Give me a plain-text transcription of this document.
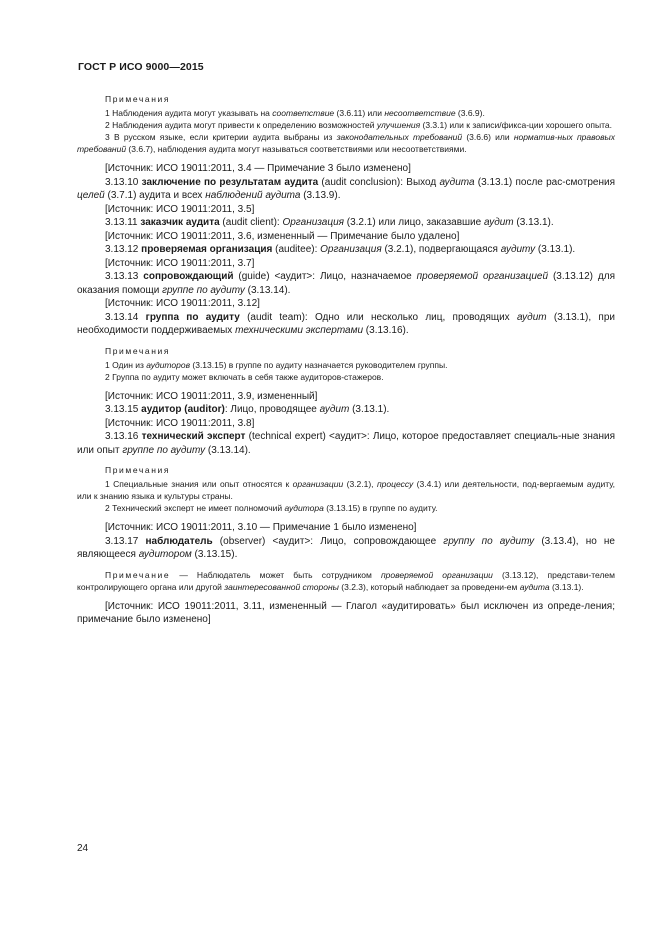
ГОСТ Р ИСО 9000—2015
Примечания

1 Наблюдения аудита могут указывать на соответствие (3.6.11) или несоответствие (3.6.9).

2 Наблюдения аудита могут привести к определению возможностей улучшения (3.3.1) или к записи/фикса-ции хорошего опыта.

3 В русском языке, если критерии аудита выбраны из законодательных требований (3.6.6) или норматив-ных правовых требований (3.6.7), наблюдения аудита могут называться соответствиями или несоответствиями.

[Источник: ИСО 19011:2011, 3.4 — Примечание 3 было изменено]

3.13.10 заключение по результатам аудита (audit conclusion): Выход аудита (3.13.1) после рас-смотрения целей (3.7.1) аудита и всех наблюдений аудита (3.13.9).

[Источник: ИСО 19011:2011, 3.5]

3.13.11 заказчик аудита (audit client): Организация (3.2.1) или лицо, заказавшие аудит (3.13.1).

[Источник: ИСО 19011:2011, 3.6, измененный — Примечание было удалено]

3.13.12 проверяемая организация (auditee): Организация (3.2.1), подвергающаяся аудиту (3.13.1).

[Источник: ИСО 19011:2011, 3.7]

3.13.13 сопровождающий (guide) <аудит>: Лицо, назначаемое проверяемой организацией (3.13.12) для оказания помощи группе по аудиту (3.13.14).

[Источник: ИСО 19011:2011, 3.12]

3.13.14 группа по аудиту (audit team): Одно или несколько лиц, проводящих аудит (3.13.1), при необходимости поддерживаемых техническими экспертами (3.13.16).

Примечания

1 Один из аудиторов (3.13.15) в группе по аудиту назначается руководителем группы.

2 Группа по аудиту может включать в себя также аудиторов-стажеров.

[Источник: ИСО 19011:2011, 3.9, измененный]

3.13.15 аудитор (auditor): Лицо, проводящее аудит (3.13.1).

[Источник: ИСО 19011:2011, 3.8]

3.13.16 технический эксперт (technical expert) <аудит>: Лицо, которое предоставляет специаль-ные знания или опыт группе по аудиту (3.13.14).

Примечания

1 Специальные знания или опыт относятся к организации (3.2.1), процессу (3.4.1) или деятельности, под-вергаемым аудиту, или к знанию языка и культуры страны.

2 Технический эксперт не имеет полномочий аудитора (3.13.15) в группе по аудиту.

[Источник: ИСО 19011:2011, 3.10 — Примечание 1 было изменено]

3.13.17 наблюдатель (observer) <аудит>: Лицо, сопровождающее группу по аудиту (3.13.4), но не являющееся аудитором (3.13.15).

Примечание — Наблюдатель может быть сотрудником проверяемой организации (3.13.12), представи-телем контролирующего органа или другой заинтересованной стороны (3.2.3), который наблюдает за проведени-ем аудита (3.13.1).

[Источник: ИСО 19011:2011, 3.11, измененный — Глагол «аудитировать» был исключен из опреде-ления; примечание было изменено]

24
